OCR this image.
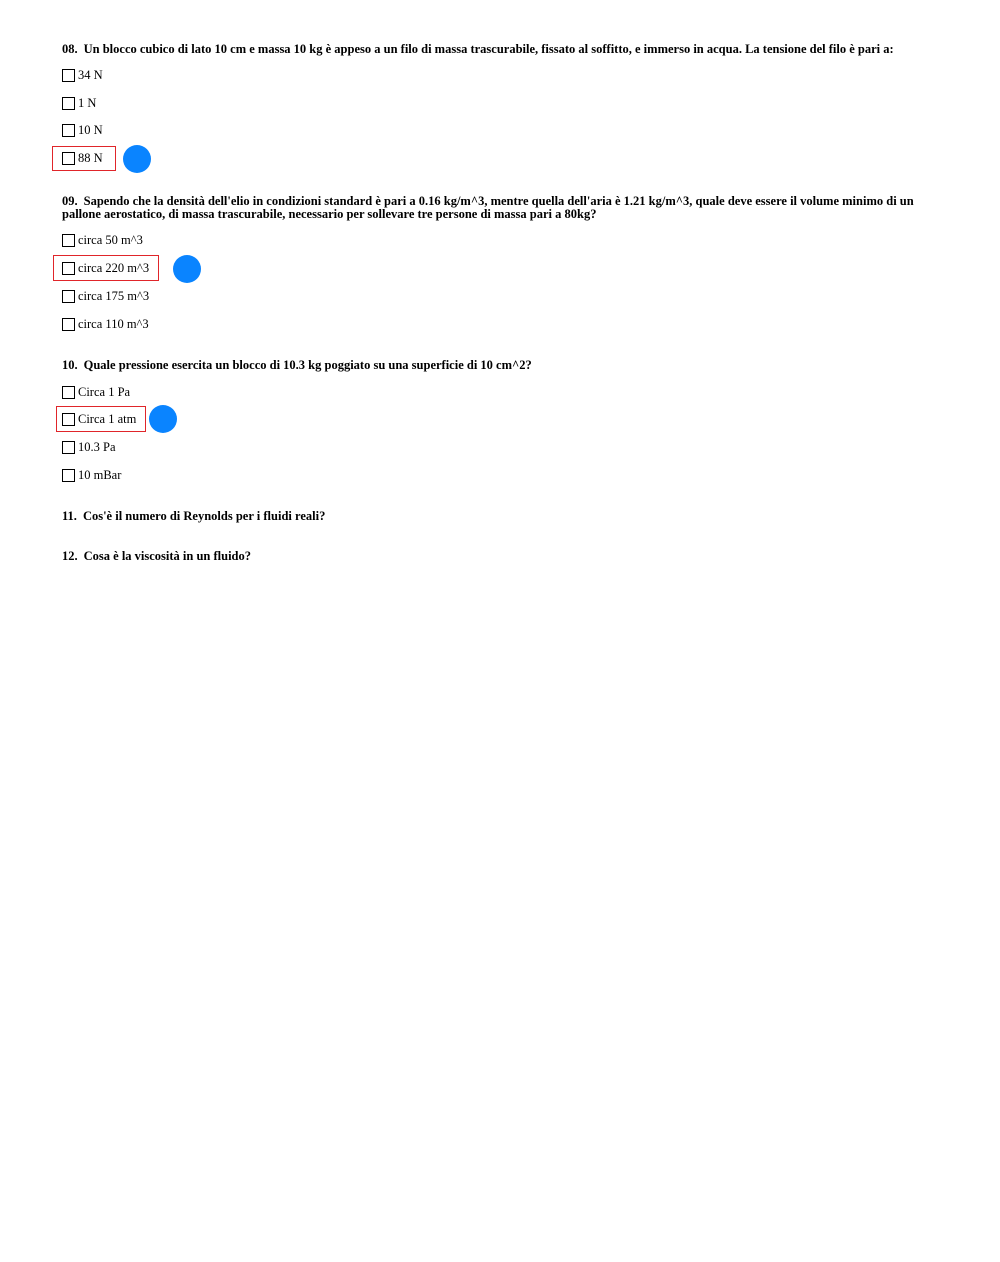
08. Un blocco cubico di lato 10 cm e massa 10 kg è appeso a un filo di massa trascurabile, fissato al soffitto, e immerso in acqua. La tensione del filo è pari a:

34 N
1 N
10 N
88 N

09. Sapendo che la densità dell'elio in condizioni standard è pari a 0.16 kg/m^3, mentre quella dell'aria è 1.21 kg/m^3, quale deve essere il volume minimo di un pallone aerostatico, di massa trascurabile, necessario per sollevare tre persone di massa pari a 80kg?

circa 50 m^3
circa 220 m^3
circa 175 m^3
circa 110 m^3

10. Quale pressione esercita un blocco di 10.3 kg poggiato su una superficie di 10 cm^2?

Circa 1 Pa
Circa 1 atm
10.3 Pa
10 mBar

11. Cos'è il numero di Reynolds per i fluidi reali?

12. Cosa è la viscosità in un fluido?
